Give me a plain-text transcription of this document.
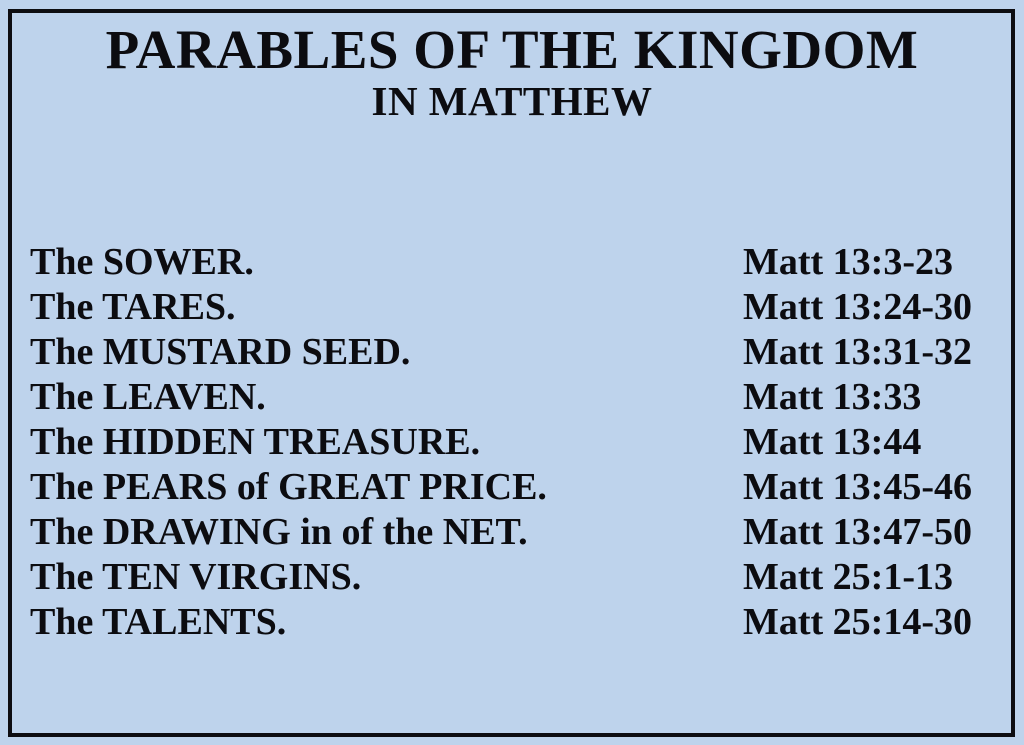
PARABLES OF THE KINGDOM
IN MATTHEW
The SOWER.	Matt 13:3-23
The TARES.	Matt 13:24-30
The MUSTARD SEED.	Matt 13:31-32
The LEAVEN.	Matt 13:33
The HIDDEN TREASURE.	Matt 13:44
The PEARS of GREAT PRICE.	Matt 13:45-46
The DRAWING in of the NET.	Matt 13:47-50
The TEN VIRGINS.	Matt 25:1-13
The TALENTS.	Matt 25:14-30
